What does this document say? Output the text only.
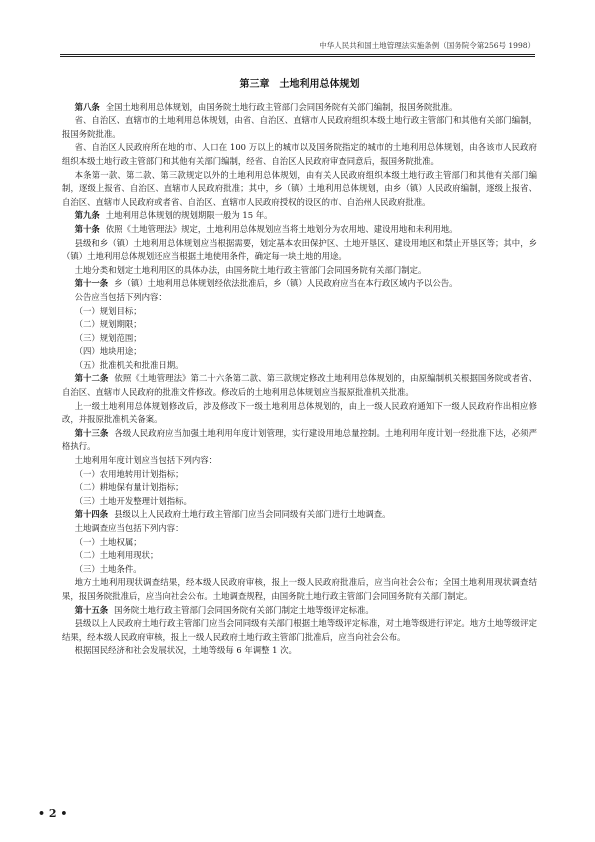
中华人民共和国土地管理法实施条例（国务院令第256号 1998）
第三章　土地利用总体规划

第八条 全国土地利用总体规划，由国务院土地行政主管部门会同国务院有关部门编制，报国务院批准。

省、自治区、直辖市的土地利用总体规划，由省、自治区、直辖市人民政府组织本级土地行政主管部门和其他有关部门编制，报国务院批准。

省、自治区人民政府所在地的市、人口在 100 万以上的城市以及国务院指定的城市的土地利用总体规划，由各该市人民政府组织本级土地行政主管部门和其他有关部门编制，经省、自治区人民政府审查同意后，报国务院批准。

本条第一款、第二款、第三款规定以外的土地利用总体规划，由有关人民政府组织本级土地行政主管部门和其他有关部门编制，逐级上报省、自治区、直辖市人民政府批准；其中，乡（镇）土地利用总体规划，由乡（镇）人民政府编制，逐级上报省、自治区、直辖市人民政府或者省、自治区、直辖市人民政府授权的设区的市、自治州人民政府批准。

第九条 土地利用总体规划的规划期限一般为 15 年。

第十条 依照《土地管理法》规定，土地利用总体规划应当将土地划分为农用地、建设用地和未利用地。

县级和乡（镇）土地利用总体规划应当根据需要，划定基本农田保护区、土地开垦区、建设用地区和禁止开垦区等；其中，乡（镇）土地利用总体规划还应当根据土地使用条件，确定每一块土地的用途。

土地分类和划定土地利用区的具体办法，由国务院土地行政主管部门会同国务院有关部门制定。

第十一条 乡（镇）土地利用总体规划经依法批准后，乡（镇）人民政府应当在本行政区域内予以公告。

公告应当包括下列内容：

（一）规划目标；

（二）规划期限；

（三）规划范围；

（四）地块用途；

（五）批准机关和批准日期。

第十二条 依照《土地管理法》第二十六条第二款、第三款规定修改土地利用总体规划的，由原编制机关根据国务院或者省、自治区、直辖市人民政府的批准文件修改。修改后的土地利用总体规划应当报原批准机关批准。

上一级土地利用总体规划修改后，涉及修改下一级土地利用总体规划的，由上一级人民政府通知下一级人民政府作出相应修改，并报原批准机关备案。

第十三条 各级人民政府应当加强土地利用年度计划管理，实行建设用地总量控制。土地利用年度计划一经批准下达，必须严格执行。

土地利用年度计划应当包括下列内容：

（一）农用地转用计划指标；

（二）耕地保有量计划指标；

（三）土地开发整理计划指标。

第十四条 县级以上人民政府土地行政主管部门应当会同同级有关部门进行土地调查。

土地调查应当包括下列内容：

（一）土地权属；

（二）土地利用现状；

（三）土地条件。

地方土地利用现状调查结果，经本级人民政府审核，报上一级人民政府批准后，应当向社会公布；全国土地利用现状调查结果，报国务院批准后，应当向社会公布。土地调查规程，由国务院土地行政主管部门会同国务院有关部门制定。

第十五条 国务院土地行政主管部门会同国务院有关部门制定土地等级评定标准。

县级以上人民政府土地行政主管部门应当会同同级有关部门根据土地等级评定标准，对土地等级进行评定。地方土地等级评定结果，经本级人民政府审核，报上一级人民政府土地行政主管部门批准后，应当向社会公布。

根据国民经济和社会发展状况，土地等级每 6 年调整 1 次。

• 2 •
